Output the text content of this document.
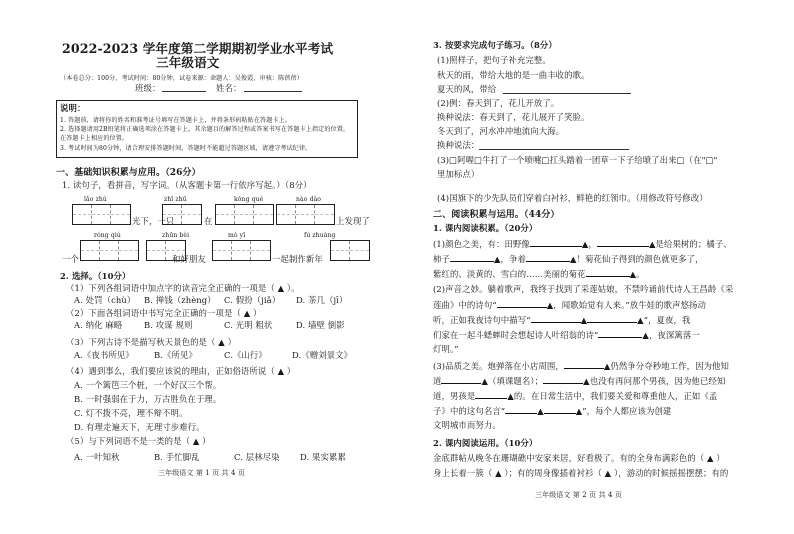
2022-2023 学年度第二学期期初学业水平考试
三年级语文
（本卷总分：100分，考试时间：80分钟，试卷来源：命题人：吴俊霞，审核：陈蓓蓓）
班级：	姓名：
说明：
1. 答题前，请将你的姓名和准考证号填写在答题卡上，并将条形码粘贴在答题卡上。
2. 选择题请用2B铅笔将正确选项涂在答题卡上，其余题目的解答过程或答案书写在答题卡上指定的位置。
在答题卡上相应的位置。
3. 考试时间为80分钟，请合理安排答题时间，答题时不能超过答题区域，请遵守考试纪律。
一、基础知识积累与应用。（26分）
1. 读句子，看拼音，写字词。（从客题卡第一行依序写起。）（8分）
lǎo zhǔ	zhī zhū	kǒng qué	nào dào
光下，一只	在	上发现了
róng qiú	zhūn bèi	mò yī	fú zhuàng
一个	和好朋友	一起制作新年
2. 选择。（10分）
（1）下列各组词语中加点字的读音完全正确的一项是（ ▲ ）。
A. 处罚（chù） B. 掸钱（zhèng） C. 假扮（jiǎ） D. 茶几（jī）
（2）下面各组词语中书写完全正确的一项是（ ▲ ）
A. 纳化 麻略	B. 攻谋 规则	C. 光明 粗状	D. 墙壁 倒影
（3）下列古诗不是描写秋天景色的是（ ▲ ）
A.《夜书所见》 B.《所见》	C.《山行》	D.《赠刘景文》
（4）遇到事么，我们要应该说的理由，正如俗语所说（ ▲ ）
A. 一个篱笆三个桩，一个好汉三个帮。
B. 一时强弱在于力，万古胜负在于理。
C. 灯不拨不亮，理不辩不明。
D. 有理走遍天下，无理寸步难行。
（5）与下列词语不是一类的是（ ▲ ）
A. 一叶知秋	B. 手忙脚乱	C. 层林尽染 D. 果实累累
三年级语文 第 1 页 共 4 页
3. 按要求完成句子练习。（8分）
(1)照样子，把句子补充完整。
秋天的雨，带给大地的是一曲丰收的歌。
夏天的风，带给
(2)例：春天到了，花儿开放了。
换种说法：春天到了，花儿展开了笑脸。
冬天到了，河水冲冲地流向大海。
换种说法：
(3)□阿喔□牛打了一个喷嚏□扛头踏着一团草一下子给喷了出来□（在"□"
里加标点）
(4)国旗下的少先队员们穿着白衬衫，鲜艳的红领巾。（用修改符号修改）
二、阅读积累与运用。（44分）
1. 课内阅读积累。（20分）
(1)颜色之美，有：田野像	▲，	▲是给果树的；橘子、
柿子	▲，争着	▲！菊花仙子得到的颜色就更多了，
紫红的、淡黄的、雪白的……美丽的菊花	▲。
(2)声音之妙。躺着歌声，我终于找到了采莲姑娘，不禁吟诵前代诗人王昌龄《采
莲曲》中的诗句“	▲，闻歌始觉有人来。”放牛娃的歌声悠扬动
听，正如我夜诗句中描写“	▲	▲”，夏夜，我
们家在一起斗蟋蟀时会想起诗人叶绍翁的诗“	▲，夜深篱落一
灯明。”
(3)品质之美。炮弹落在小店周围，	▲仍然争分夺秒地工作，因为他知
道	▲（填课题名）；	▲也没有再问那个男孩，因为他已经知
道，男孩是	▲的。在日常生活中，我们要关爱和尊重他人，正如《孟
子》中的这句名言“	▲	▲”，每个人都应该为创建
文明城市而努力。
2. 课内阅读运用。（10分）
金底群帖从晚冬在珊瑚礁中安家来居，好看极了。有的全身布满彩色的（ ▲ ）
身上长着一簇（ ▲ ）；有的周身像插着衬衫（ ▲ ），游动的时候摇摇摆摆；有的
三年级语文 第 2 页 共 4 页
